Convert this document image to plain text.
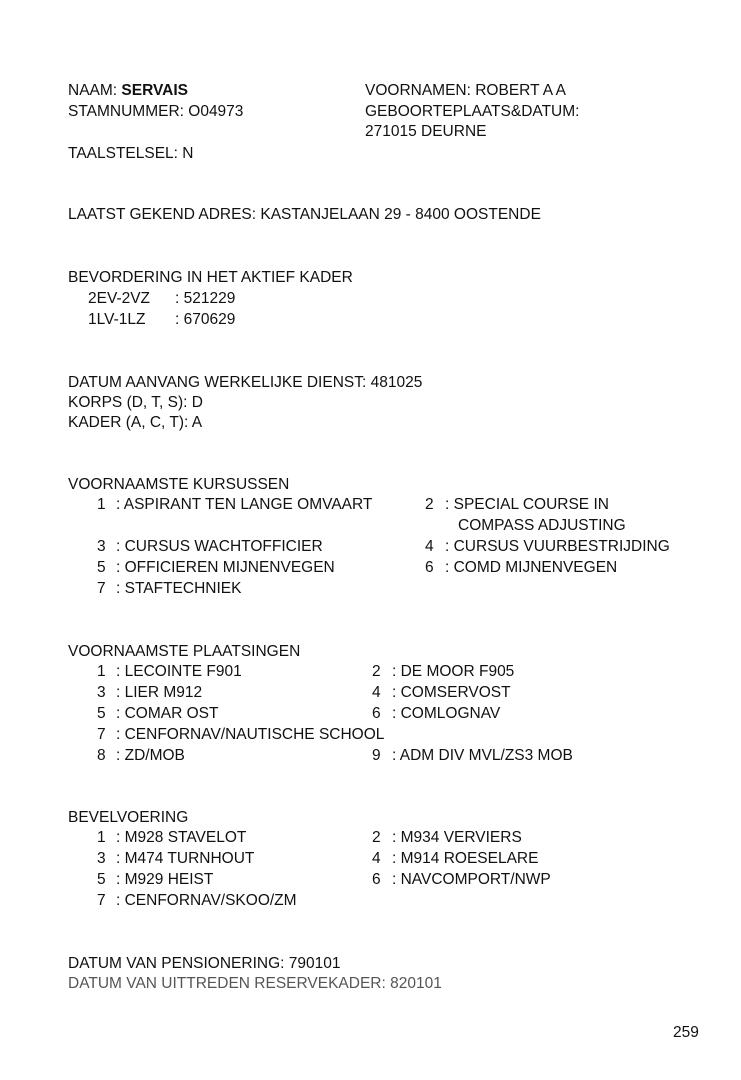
NAAM: SERVAIS
STAMNUMMER: O04973
VOORNAMEN: ROBERT A A
GEBOORTEPLAATS&DATUM:
271015 DEURNE
TAALSTELSEL: N
LAATST GEKEND ADRES: KASTANJELAAN 29 - 8400 OOSTENDE
BEVORDERING IN HET AKTIEF KADER
2EV-2VZ : 521229
1LV-1LZ : 670629
DATUM AANVANG WERKELIJKE DIENST: 481025
KORPS (D, T, S): D
KADER (A, C, T): A
VOORNAAMSTE KURSUSSEN
1 : ASPIRANT TEN LANGE OMVAART	2 : SPECIAL COURSE IN
COMPASS ADJUSTING
3 : CURSUS WACHTOFFICIER	4 : CURSUS VUURBESTRIJDING
5 : OFFICIEREN MIJNENVEGEN	6 : COMD MIJNENVEGEN
7 : STAFTECHNIEK
VOORNAAMSTE PLAATSINGEN
1 : LECOINTE F901	2 : DE MOOR F905
3 : LIER M912	4 : COMSERVOST
5 : COMAR OST	6 : COMLOGNAV
7 : CENFORNAV/NAUTISCHE SCHOOL
8 : ZD/MOB	9 : ADM DIV MVL/ZS3 MOB
BEVELVOERING
1 : M928 STAVELOT	2 : M934 VERVIERS
3 : M474 TURNHOUT	4 : M914 ROESELARE
5 : M929 HEIST	6 : NAVCOMPORT/NWP
7 : CENFORNAV/SKOO/ZM
DATUM VAN PENSIONERING: 790101
DATUM VAN UITTREDEN RESERVEKADER: 820101
259
